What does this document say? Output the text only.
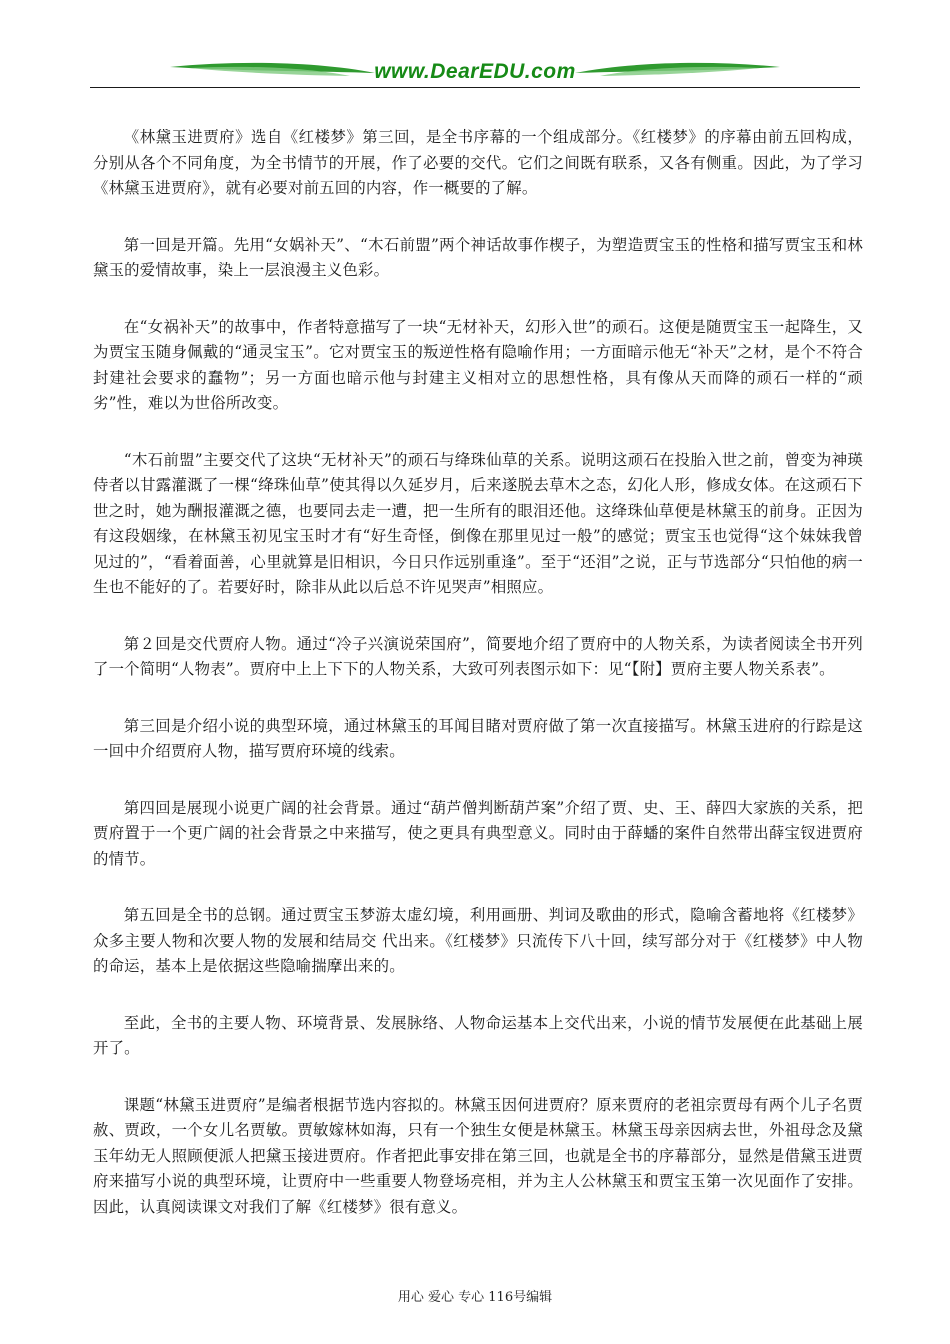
www.DearEDU.com

《林黛玉进贾府》选自《红楼梦》第三回，是全书序幕的一个组成部分。《红楼梦》的序幕由前五回构成，分别从各个不同角度，为全书情节的开展，作了必要的交代。它们之间既有联系，又各有侧重。因此，为了学习《林黛玉进贾府》，就有必要对前五回的内容，作一概要的了解。

第一回是开篇。先用“女娲补天”、“木石前盟”两个神话故事作楔子，为塑造贾宝玉的性格和描写贾宝玉和林黛玉的爱情故事，染上一层浪漫主义色彩。

在“女祸补天”的故事中，作者特意描写了一块“无材补天，幻形入世”的顽石。这便是随贾宝玉一起降生，又为贾宝玉随身佩戴的“通灵宝玉”。它对贾宝玉的叛逆性格有隐喻作用；一方面暗示他无“补天”之材，是个不符合封建社会要求的蠢物”；另一方面也暗示他与封建主义相对立的思想性格，具有像从天而降的顽石一样的“顽劣”性，难以为世俗所改变。

“木石前盟”主要交代了这块“无材补天”的顽石与绛珠仙草的关系。说明这顽石在投胎入世之前，曾变为神瑛侍者以甘露灌溉了一棵“绛珠仙草”使其得以久延岁月，后来遂脱去草木之态，幻化人形，修成女体。在这顽石下世之时，她为酬报灌溉之德，也要同去走一遭，把一生所有的眼泪还他。这绛珠仙草便是林黛玉的前身。正因为有这段姻缘，在林黛玉初见宝玉时才有“好生奇怪，倒像在那里见过一般”的感觉；贾宝玉也觉得“这个妹妹我曾见过的”，“看着面善，心里就算是旧相识，今日只作远别重逢”。至于“还泪”之说，正与节选部分“只怕他的病一生也不能好的了。若要好时，除非从此以后总不许见哭声”相照应。

第２回是交代贾府人物。通过“冷子兴演说荣国府”，简要地介绍了贾府中的人物关系，为读者阅读全书开列了一个简明“人物表”。贾府中上上下下的人物关系，大致可列表图示如下：见“【附】贾府主要人物关系表”。

第三回是介绍小说的典型环境，通过林黛玉的耳闻目睹对贾府做了第一次直接描写。林黛玉进府的行踪是这一回中介绍贾府人物，描写贾府环境的线索。

第四回是展现小说更广阔的社会背景。通过“葫芦僧判断葫芦案”介绍了贾、史、王、薛四大家族的关系，把贾府置于一个更广阔的社会背景之中来描写，使之更具有典型意义。同时由于薛蟠的案件自然带出薛宝钗进贾府的情节。

第五回是全书的总钢。通过贾宝玉梦游太虚幻境，利用画册、判词及歌曲的形式，隐喻含蓄地将《红楼梦》众多主要人物和次要人物的发展和结局交 代出来。《红楼梦》只流传下八十回，续写部分对于《红楼梦》中人物的命运，基本上是依据这些隐喻揣摩出来的。

至此，全书的主要人物、环境背景、发展脉络、人物命运基本上交代出来，小说的情节发展便在此基础上展开了。

课题“林黛玉进贾府”是编者根据节选内容拟的。林黛玉因何进贾府？原来贾府的老祖宗贾母有两个儿子名贾赦、贾政，一个女儿名贾敏。贾敏嫁林如海，只有一个独生女便是林黛玉。林黛玉母亲因病去世，外祖母念及黛玉年幼无人照顾便派人把黛玉接进贾府。作者把此事安排在第三回，也就是全书的序幕部分，显然是借黛玉进贾府来描写小说的典型环境，让贾府中一些重要人物登场亮相，并为主人公林黛玉和贾宝玉第一次见面作了安排。因此，认真阅读课文对我们了解《红楼梦》很有意义。

用心 爱心 专心 116号编辑
